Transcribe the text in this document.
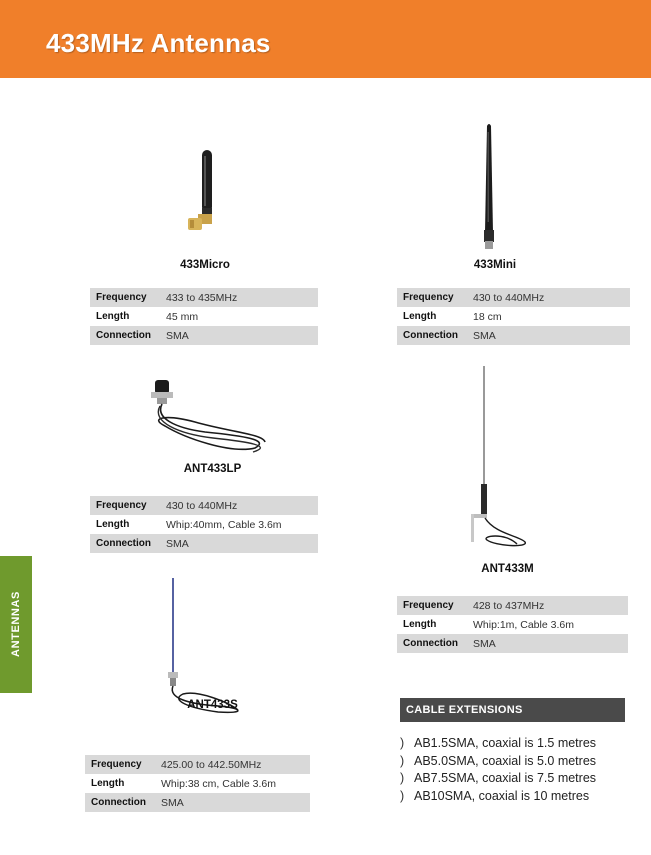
433MHz Antennas
ANTENNAS
433Micro
Frequency	433 to 435MHz
Length	45 mm
Connection	SMA
433Mini
Frequency	430 to 440MHz
Length	18 cm
Connection	SMA
ANT433LP
Frequency	430 to 440MHz
Length	Whip:40mm, Cable 3.6m
Connection	SMA
ANT433M
Frequency	428 to 437MHz
Length	Whip:1m, Cable 3.6m
Connection	SMA
ANT433S
Frequency	425.00 to 442.50MHz
Length	Whip:38 cm, Cable 3.6m
Connection	SMA
CABLE EXTENSIONS
) AB1.5SMA, coaxial is 1.5 metres
) AB5.0SMA, coaxial is 5.0 metres
) AB7.5SMA, coaxial is 7.5 metres
) AB10SMA, coaxial is 10 metres
